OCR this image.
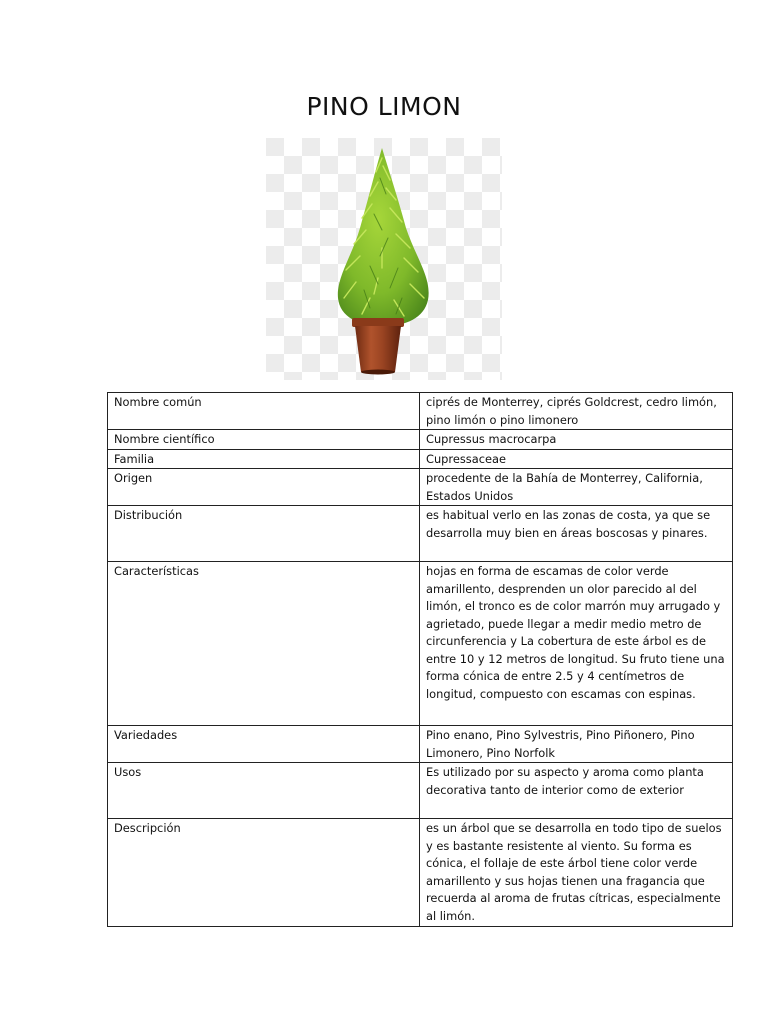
PINO LIMON
Nombre común	ciprés de Monterrey, ciprés Goldcrest, cedro limón, pino limón o pino limonero
Nombre científico	Cupressus macrocarpa
Familia	Cupressaceae
Origen	procedente de la Bahía de Monterrey, California, Estados Unidos
Distribución	es habitual verlo en las zonas de costa, ya que se desarrolla muy bien en áreas boscosas y pinares.
Características	hojas en forma de escamas de color verde amarillento, desprenden un olor parecido al del limón, el tronco es de color marrón muy arrugado y agrietado, puede llegar a medir medio metro de circunferencia y La cobertura de este árbol es de entre 10 y 12 metros de longitud. Su fruto tiene una forma cónica de entre 2.5 y 4 centímetros de longitud, compuesto con escamas con espinas.
Variedades	Pino enano, Pino Sylvestris, Pino Piñonero, Pino Limonero, Pino Norfolk
Usos	Es utilizado por su aspecto y aroma como planta decorativa tanto de interior como de exterior
Descripción	es un árbol que se desarrolla en todo tipo de suelos y es bastante resistente al viento. Su forma es cónica, el follaje de este árbol tiene color verde amarillento y sus hojas tienen una fragancia que recuerda al aroma de frutas cítricas, especialmente al limón.
